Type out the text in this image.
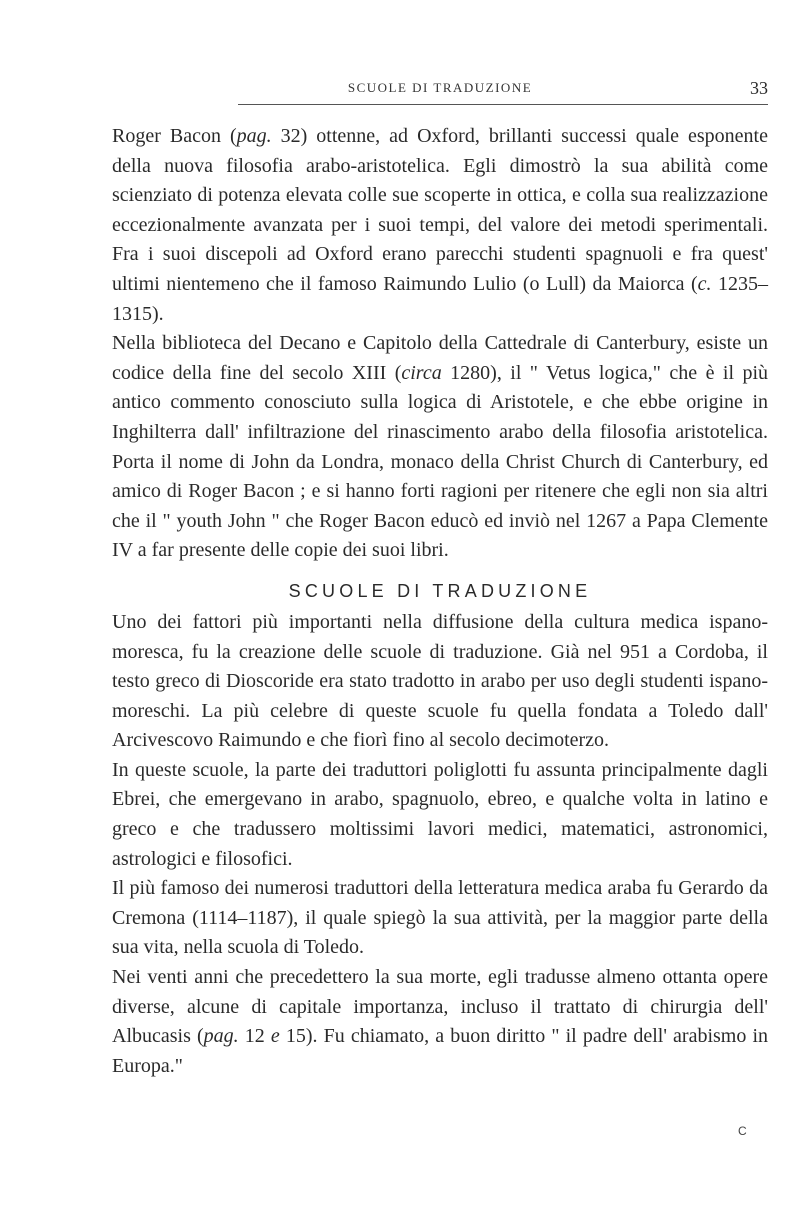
SCUOLE DI TRADUZIONE	33

Roger Bacon (pag. 32) ottenne, ad Oxford, brillanti successi quale esponente della nuova filosofia arabo-aristotelica. Egli dimostrò la sua abilità come scienziato di potenza elevata colle sue scoperte in ottica, e colla sua realizzazione eccezionalmente avanzata per i suoi tempi, del valore dei metodi sperimentali. Fra i suoi discepoli ad Oxford erano parecchi studenti spagnuoli e fra quest' ultimi nientemeno che il famoso Raimundo Lulio (o Lull) da Maiorca (c. 1235–1315).

Nella biblioteca del Decano e Capitolo della Cattedrale di Canterbury, esiste un codice della fine del secolo XIII (circa 1280), il " Vetus logica," che è il più antico commento conosciuto sulla logica di Aristotele, e che ebbe origine in Inghilterra dall' infiltrazione del rinascimento arabo della filosofia aristotelica. Porta il nome di John da Londra, monaco della Christ Church di Canterbury, ed amico di Roger Bacon ; e si hanno forti ragioni per ritenere che egli non sia altri che il " youth John " che Roger Bacon educò ed inviò nel 1267 a Papa Clemente IV a far presente delle copie dei suoi libri.

SCUOLE DI TRADUZIONE

Uno dei fattori più importanti nella diffusione della cultura medica ispano-moresca, fu la creazione delle scuole di traduzione. Già nel 951 a Cordoba, il testo greco di Dioscoride era stato tradotto in arabo per uso degli studenti ispano-moreschi. La più celebre di queste scuole fu quella fondata a Toledo dall' Arcivescovo Raimundo e che fiorì fino al secolo decimoterzo.

In queste scuole, la parte dei traduttori poliglotti fu assunta principalmente dagli Ebrei, che emergevano in arabo, spagnuolo, ebreo, e qualche volta in latino e greco e che tradussero moltissimi lavori medici, matematici, astronomici, astrologici e filosofici.

Il più famoso dei numerosi traduttori della letteratura medica araba fu Gerardo da Cremona (1114–1187), il quale spiegò la sua attività, per la maggior parte della sua vita, nella scuola di Toledo.

Nei venti anni che precedettero la sua morte, egli tradusse almeno ottanta opere diverse, alcune di capitale importanza, incluso il trattato di chirurgia dell' Albucasis (pag. 12 e 15). Fu chiamato, a buon diritto " il padre dell' arabismo in Europa."

C
